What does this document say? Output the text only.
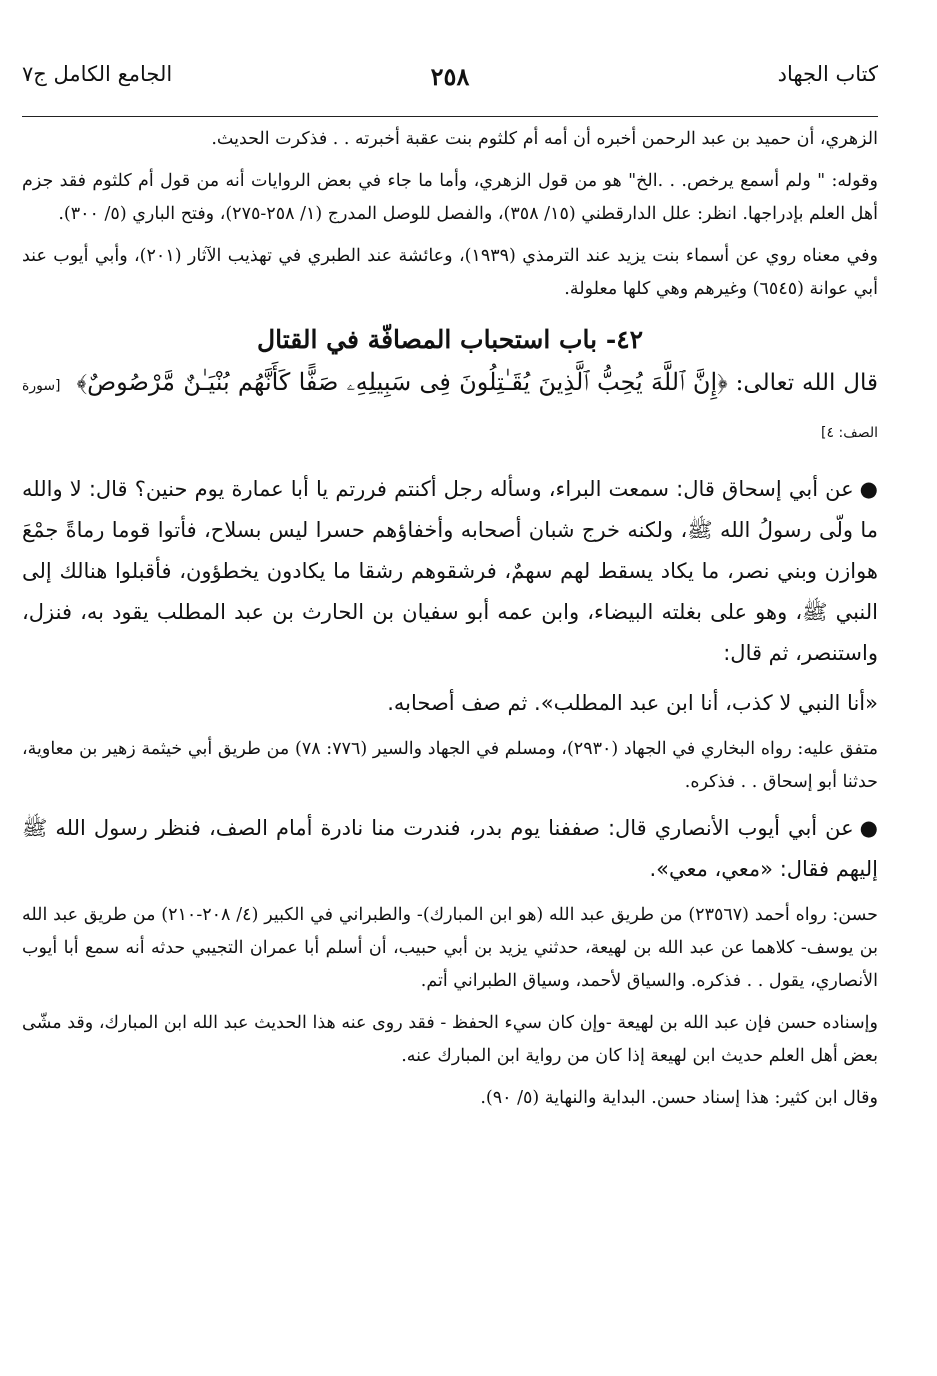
كتاب الجهاد
٢٥٨
الجامع الكامل ج٧

الزهري، أن حميد بن عبد الرحمن أخبره أن أمه أم كلثوم بنت عقبة أخبرته . . فذكرت الحديث.

وقوله: " ولم أسمع يرخص. . .الخ" هو من قول الزهري، وأما ما جاء في بعض الروايات أنه من قول أم كلثوم فقد جزم أهل العلم بإدراجها. انظر: علل الدارقطني (١٥/ ٣٥٨)، والفصل للوصل المدرج (١/ ٢٥٨-٢٧٥)، وفتح الباري (٥/ ٣٠٠).

وفي معناه روي عن أسماء بنت يزيد عند الترمذي (١٩٣٩)، وعائشة عند الطبري في تهذيب الآثار (٢٠١)، وأبي أيوب عند أبي عوانة (٦٥٤٥) وغيرهم وهي كلها معلولة.

٤٢- باب استحباب المصافّة في القتال

قال الله تعالى: ﴿إِنَّ ٱللَّهَ يُحِبُّ ٱلَّذِينَ يُقَـٰتِلُونَ فِى سَبِيلِهِۦ صَفًّا كَأَنَّهُم بُنْيَـٰنٌ مَّرْصُوصٌ﴾ [سورة الصف: ٤]

●عن أبي إسحاق قال: سمعت البراء، وسأله رجل أكنتم فررتم يا أبا عمارة يوم حنين؟ قال: لا والله ما ولّى رسولُ الله ﷺ، ولكنه خرج شبان أصحابه وأخفاؤهم حسرا ليس بسلاح، فأتوا قوما رماةً جمْعَ هوازن وبني نصر، ما يكاد يسقط لهم سهمٌ، فرشقوهم رشقا ما يكادون يخطؤون، فأقبلوا هنالك إلى النبي ﷺ، وهو على بغلته البيضاء، وابن عمه أبو سفيان بن الحارث بن عبد المطلب يقود به، فنزل، واستنصر، ثم قال:

«أنا النبي لا كذب، أنا ابن عبد المطلب». ثم صف أصحابه.

متفق عليه: رواه البخاري في الجهاد (٢٩٣٠)، ومسلم في الجهاد والسير (٧٧٦: ٧٨) من طريق أبي خيثمة زهير بن معاوية، حدثنا أبو إسحاق . . فذكره.

●عن أبي أيوب الأنصاري قال: صففنا يوم بدر، فندرت منا نادرة أمام الصف، فنظر رسول الله ﷺ إليهم فقال: «معي، معي».

حسن: رواه أحمد (٢٣٥٦٧) من طريق عبد الله (هو ابن المبارك)- والطبراني في الكبير (٤/ ٢٠٨-٢١٠) من طريق عبد الله بن يوسف- كلاهما عن عبد الله بن لهيعة، حدثني يزيد بن أبي حبيب، أن أسلم أبا عمران التجيبي حدثه أنه سمع أبا أيوب الأنصاري، يقول . . فذكره. والسياق لأحمد، وسياق الطبراني أتم.

وإسناده حسن فإن عبد الله بن لهيعة -وإن كان سيء الحفظ - فقد روى عنه هذا الحديث عبد الله ابن المبارك، وقد مشّى بعض أهل العلم حديث ابن لهيعة إذا كان من رواية ابن المبارك عنه.

وقال ابن كثير: هذا إسناد حسن. البداية والنهاية (٥/ ٩٠).
